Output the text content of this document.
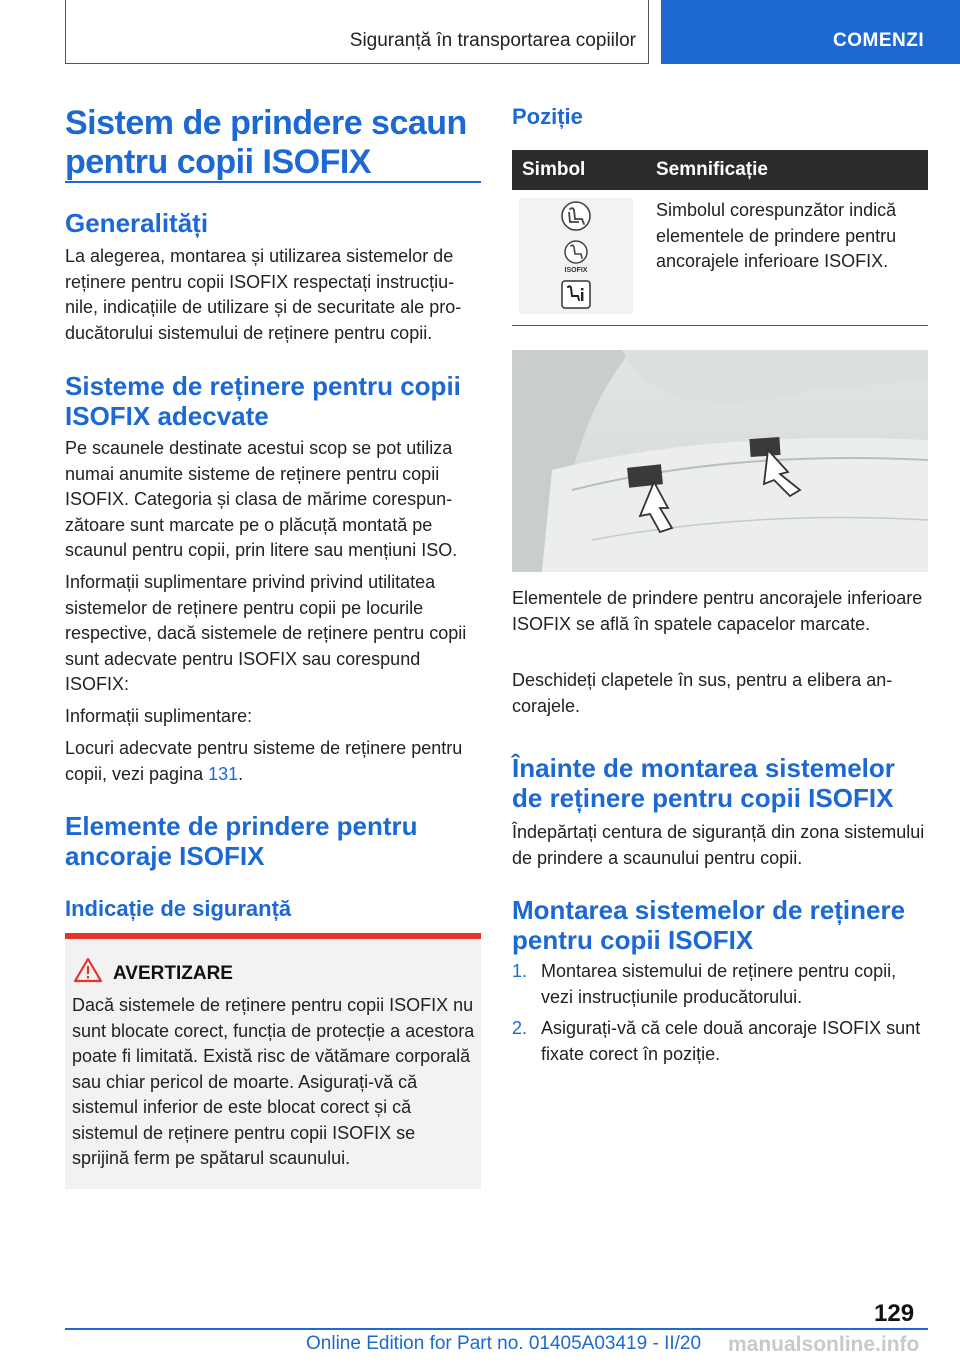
Siguranță în transportarea copiilor	COMENZI
Sistem de prindere scaun pentru copii ISOFIX
Generalități

La alegerea, montarea și utilizarea sistemelor de reținere pentru copii ISOFIX respectați instrucțiunile, indicațiile de utilizare și de securitate ale producătorului sistemului de reținere pentru copii.

Sisteme de reținere pentru copii ISOFIX adecvate

Pe scaunele destinate acestui scop se pot utiliza numai anumite sisteme de reținere pentru copii ISOFIX. Categoria și clasa de mărime corespunzătoare sunt marcate pe o plăcuță montată pe scaunul pentru copii, prin litere sau mențiuni ISO.

Informații suplimentare privind privind utilitatea sistemelor de reținere pentru copii pe locurile respective, dacă sistemele de reținere pentru copii sunt adecvate pentru ISOFIX sau corespund ISOFIX:

Informații suplimentare:

Locuri adecvate pentru sisteme de reținere pentru copii, vezi pagina 131.

Elemente de prindere pentru ancoraje ISOFIX
Indicație de siguranță
AVERTIZARE

Dacă sistemele de reținere pentru copii ISOFIX nu sunt blocate corect, funcția de protecție a acestora poate fi limitată. Există risc de vătămare corporală sau chiar pericol de moarte. Asigurați-vă că sistemul inferior de este blocat corect și că sistemul de reținere pentru copii ISOFIX se sprijină ferm pe spătarul scaunului.

Poziție
Simbol	Semnificație

ISOFIX	Simbolul corespunzător indică elementele de prindere pentru ancorajele inferioare ISOFIX.

Elementele de prindere pentru ancorajele inferioare ISOFIX se află în spatele capacelor marcate.

Deschideți clapetele în sus, pentru a elibera ancorajele.

Înainte de montarea sistemelor de reținere pentru copii ISOFIX

Îndepărtați centura de siguranță din zona sistemului de prindere a scaunului pentru copii.

Montarea sistemelor de reținere pentru copii ISOFIX
1. Montarea sistemului de reținere pentru copii, vezi instrucțiunile producătorului.
2. Asigurați-vă că cele două ancoraje ISOFIX sunt fixate corect în poziție.
129
Online Edition for Part no. 01405A03419 - II/20 manualsonline.info
